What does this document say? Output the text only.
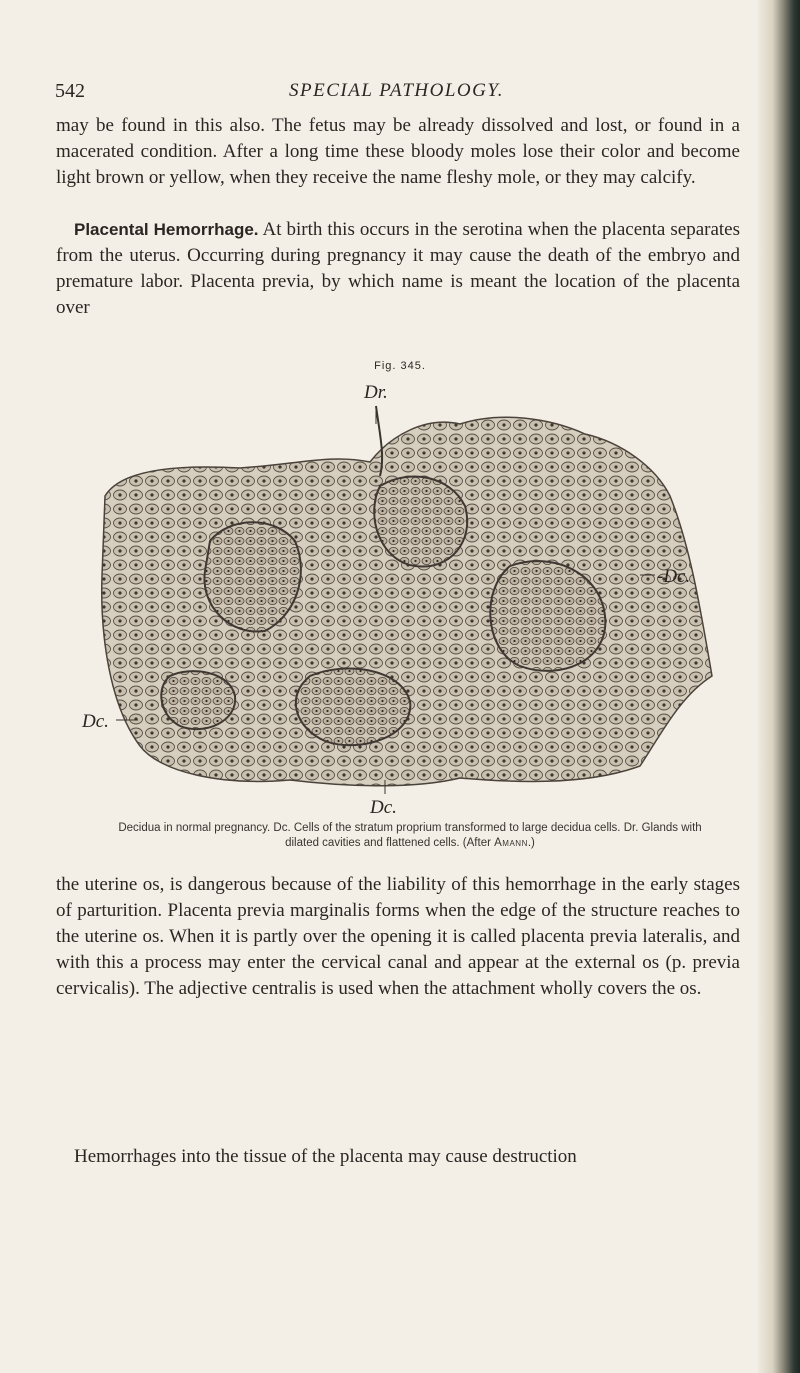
542	SPECIAL PATHOLOGY.

may be found in this also. The fetus may be already dissolved and lost, or found in a macerated condition. After a long time these bloody moles lose their color and become light brown or yellow, when they receive the name fleshy mole, or they may calcify.

Placental Hemorrhage. At birth this occurs in the serotina when the placenta separates from the uterus. Occurring during pregnancy it may cause the death of the embryo and premature labor. Placenta previa, by which name is meant the location of the placenta over

Fig. 345.
Dr.
-Dc.
Dc.
Dc.
Decidua in normal pregnancy. Dc. Cells of the stratum proprium transformed to large decidua cells. Dr. Glands with dilated cavities and flattened cells. (After Amann.)

the uterine os, is dangerous because of the liability of this hemorrhage in the early stages of parturition. Placenta previa marginalis forms when the edge of the structure reaches to the uterine os. When it is partly over the opening it is called placenta previa lateralis, and with this a process may enter the cervical canal and appear at the external os (p. previa cervicalis). The adjective centralis is used when the attachment wholly covers the os.

Hemorrhages into the tissue of the placenta may cause destruction
